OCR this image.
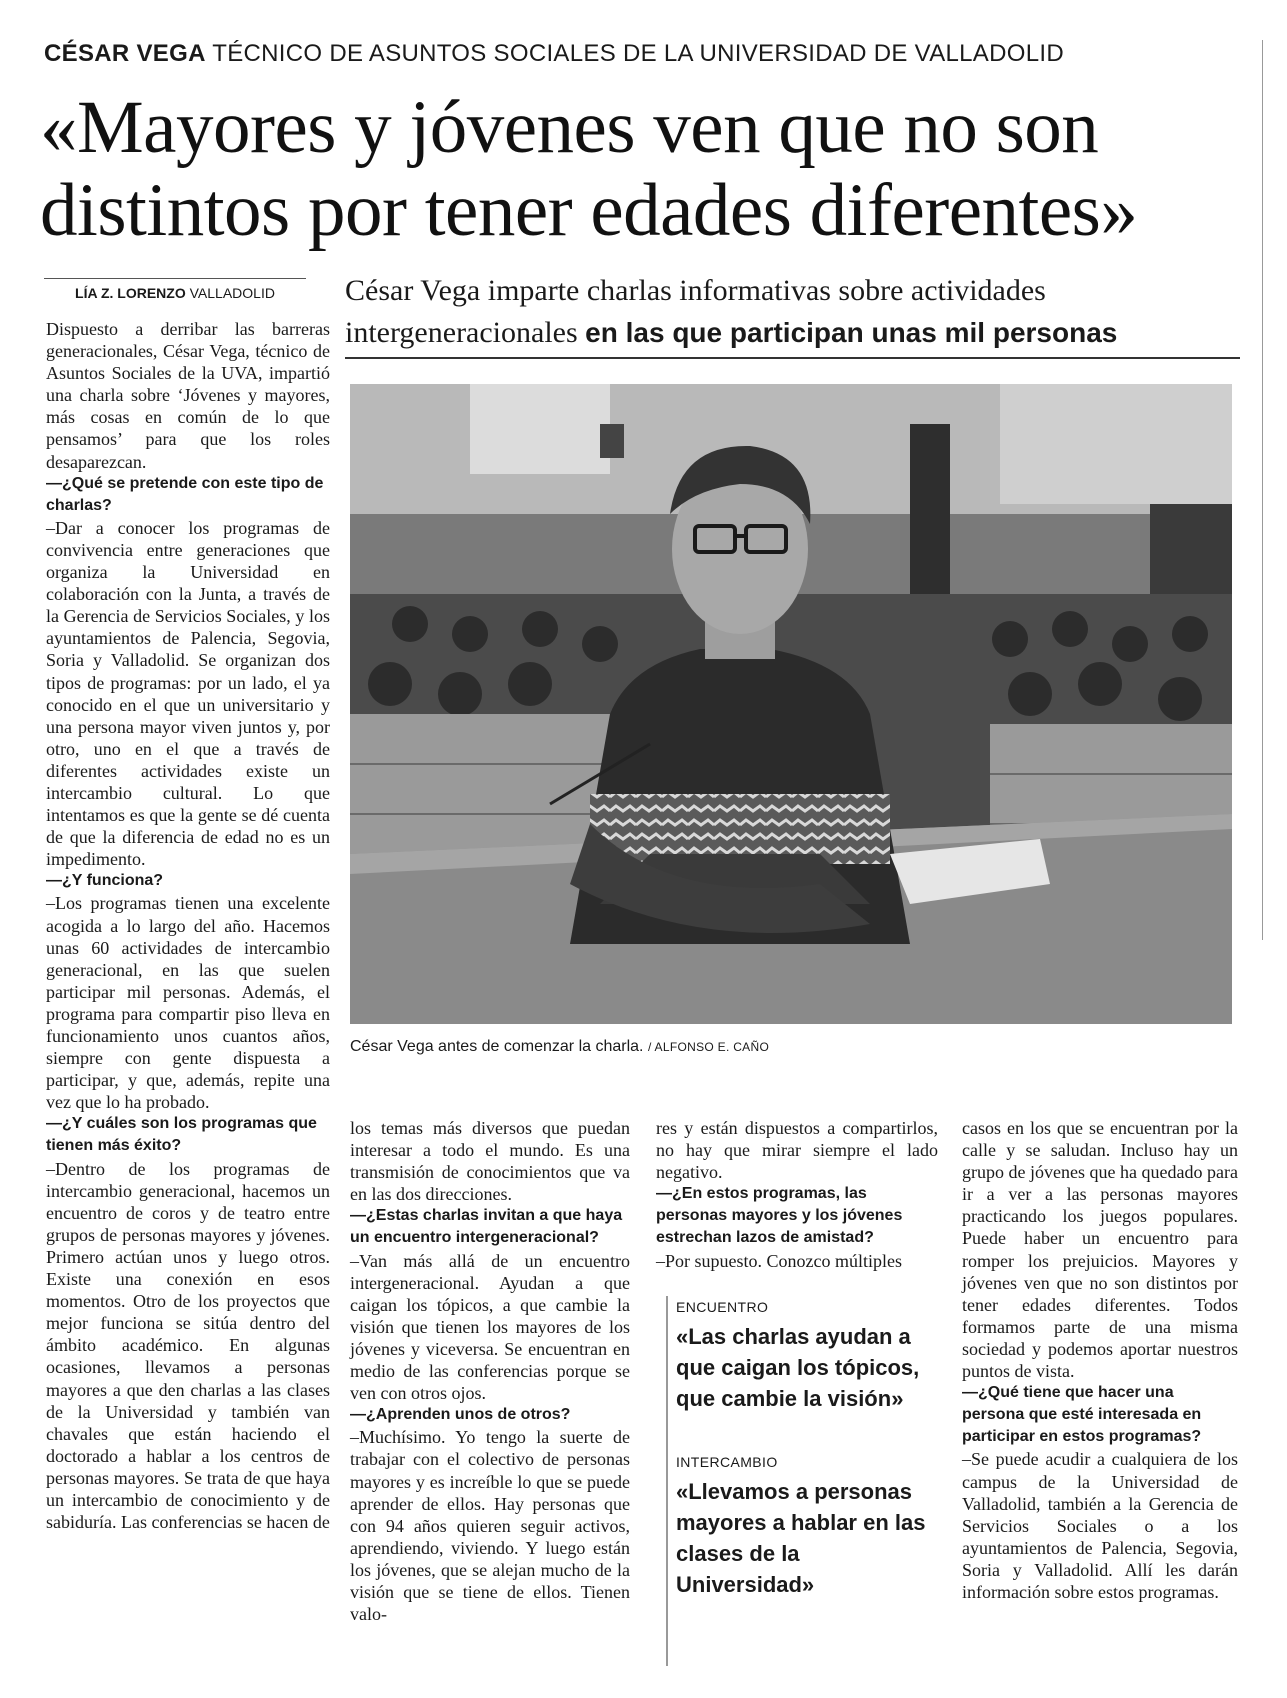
CÉSAR VEGA TÉCNICO DE ASUNTOS SOCIALES DE LA UNIVERSIDAD DE VALLADOLID
«Mayores y jóvenes ven que no son
distintos por tener edades diferentes»
LÍA Z. LORENZO VALLADOLID	César Vega imparte charlas informativas sobre actividades
intergeneracionales en las que participan unas mil personas
César Vega antes de comenzar la charla. / ALFONSO E. CAÑO

Dispuesto a derribar las barreras generacionales, César Vega, técnico de Asuntos Sociales de la UVA, impartió una charla sobre ‘Jóvenes y mayores, más cosas en común de lo que pensamos’ para que los roles desaparezcan.

—¿Qué se pretende con este tipo de charlas?

–Dar a conocer los programas de convivencia entre generaciones que organiza la Universidad en colaboración con la Junta, a través de la Gerencia de Servicios Sociales, y los ayuntamientos de Palencia, Segovia, Soria y Valladolid. Se organizan dos tipos de programas: por un lado, el ya conocido en el que un universitario y una persona mayor viven juntos y, por otro, uno en el que a través de diferentes actividades existe un intercambio cultural. Lo que intentamos es que la gente se dé cuenta de que la diferencia de edad no es un impedimento.

—¿Y funciona?

–Los programas tienen una excelente acogida a lo largo del año. Hacemos unas 60 actividades de intercambio generacional, en las que suelen participar mil personas. Además, el programa para compartir piso lleva en funcionamiento unos cuantos años, siempre con gente dispuesta a participar, y que, además, repite una vez que lo ha probado.

—¿Y cuáles son los programas que tienen más éxito?

–Dentro de los programas de intercambio generacional, hacemos un encuentro de coros y de teatro entre grupos de personas mayores y jóvenes. Primero actúan unos y luego otros. Existe una conexión en esos momentos. Otro de los proyectos que mejor funciona se sitúa dentro del ámbito académico. En algunas ocasiones, llevamos a personas mayores a que den charlas a las clases de la Universidad y también van chavales que están haciendo el doctorado a hablar a los centros de personas mayores. Se trata de que haya un intercambio de conocimiento y de sabiduría. Las conferencias se hacen de

los temas más diversos que puedan interesar a todo el mundo. Es una transmisión de conocimientos que va en las dos direcciones.

—¿Estas charlas invitan a que haya un encuentro intergeneracional?

–Van más allá de un encuentro intergeneracional. Ayudan a que caigan los tópicos, a que cambie la visión que tienen los mayores de los jóvenes y viceversa. Se encuentran en medio de las conferencias porque se ven con otros ojos.

—¿Aprenden unos de otros?

–Muchísimo. Yo tengo la suerte de trabajar con el colectivo de personas mayores y es increíble lo que se puede aprender de ellos. Hay personas que con 94 años quieren seguir activos, aprendiendo, viviendo. Y luego están los jóvenes, que se alejan mucho de la visión que se tiene de ellos. Tienen valo-

res y están dispuestos a compartirlos, no hay que mirar siempre el lado negativo.

—¿En estos programas, las personas mayores y los jóvenes estrechan lazos de amistad?

–Por supuesto. Conozco múltiples

ENCUENTRO
«Las charlas ayudan a que caigan los tópicos, que cambie la visión»
INTERCAMBIO
«Llevamos a personas mayores a hablar en las clases de la Universidad»

casos en los que se encuentran por la calle y se saludan. Incluso hay un grupo de jóvenes que ha quedado para ir a ver a las personas mayores practicando los juegos populares. Puede haber un encuentro para romper los prejuicios. Mayores y jóvenes ven que no son distintos por tener edades diferentes. Todos formamos parte de una misma sociedad y podemos aportar nuestros puntos de vista.

—¿Qué tiene que hacer una persona que esté interesada en participar en estos programas?

–Se puede acudir a cualquiera de los campus de la Universidad de Valladolid, también a la Gerencia de Servicios Sociales o a los ayuntamientos de Palencia, Segovia, Soria y Valladolid. Allí les darán información sobre estos programas.
